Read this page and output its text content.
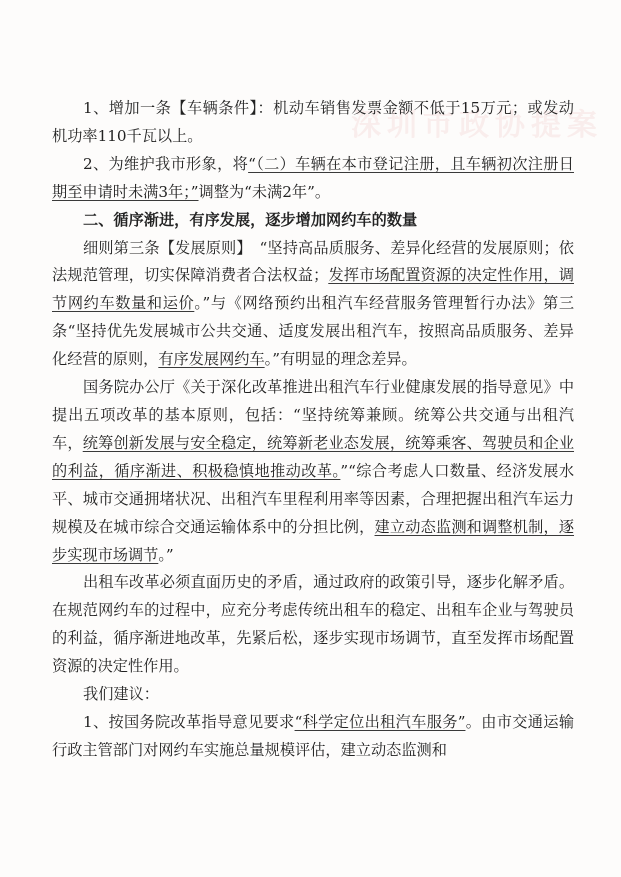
深圳市政协提案

1、增加一条【车辆条件】：机动车销售发票金额不低于15万元；或发动机功率110千瓦以上。

2、为维护我市形象，将“（二）车辆在本市登记注册，且车辆初次注册日期至申请时未满3年；”调整为“未满2年”。

二、循序渐进，有序发展，逐步增加网约车的数量

细则第三条【发展原则】　“坚持高品质服务、差异化经营的发展原则；依法规范管理，切实保障消费者合法权益；发挥市场配置资源的决定性作用，调节网约车数量和运价。”与《网络预约出租汽车经营服务管理暂行办法》第三条“坚持优先发展城市公共交通、适度发展出租汽车，按照高品质服务、差异化经营的原则，有序发展网约车。”有明显的理念差异。

国务院办公厅《关于深化改革推进出租汽车行业健康发展的指导意见》中提出五项改革的基本原则，包括：“坚持统筹兼顾。统筹公共交通与出租汽车，统筹创新发展与安全稳定，统筹新老业态发展，统筹乘客、驾驶员和企业的利益，循序渐进、积极稳慎地推动改革。”“综合考虑人口数量、经济发展水平、城市交通拥堵状况、出租汽车里程利用率等因素，合理把握出租汽车运力规模及在城市综合交通运输体系中的分担比例，建立动态监测和调整机制，逐步实现市场调节。”

出租车改革必须直面历史的矛盾，通过政府的政策引导，逐步化解矛盾。在规范网约车的过程中，应充分考虑传统出租车的稳定、出租车企业与驾驶员的利益，循序渐进地改革，先紧后松，逐步实现市场调节，直至发挥市场配置资源的决定性作用。

我们建议：

1、按国务院改革指导意见要求“科学定位出租汽车服务”。由市交通运输行政主管部门对网约车实施总量规模评估，建立动态监测和
